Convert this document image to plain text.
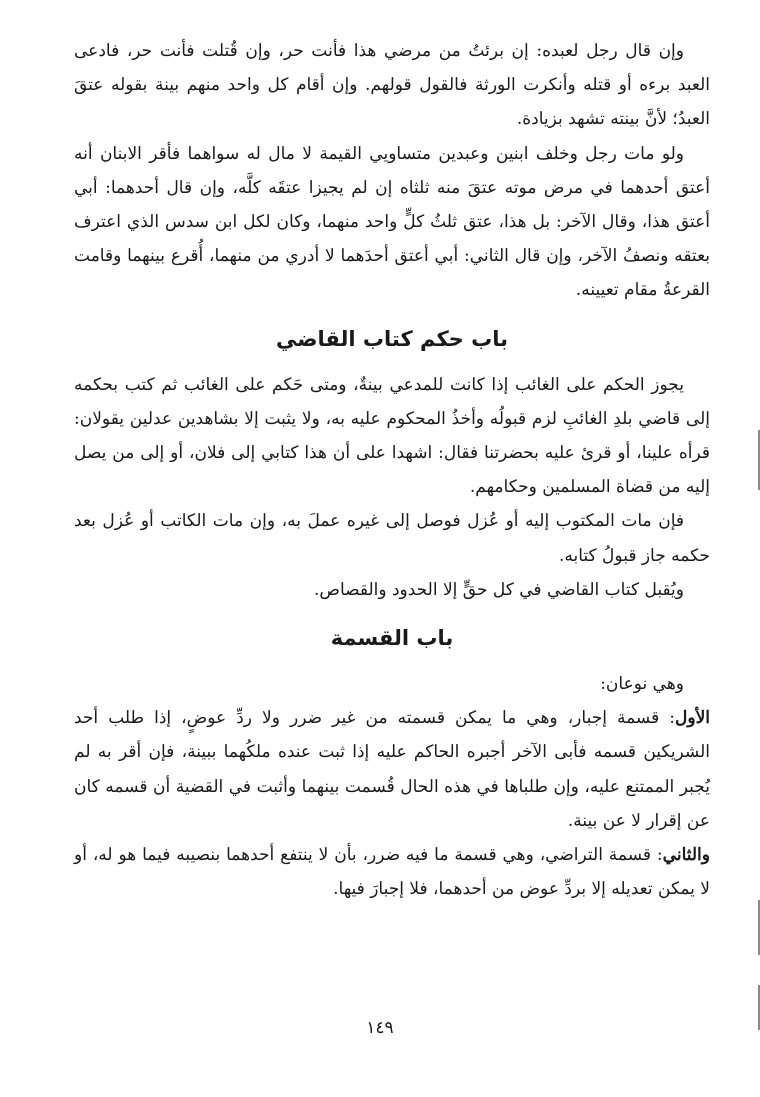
وإن قال رجل لعبده: إن برئتُ من مرضي هذا فأنت حر، وإن قُتلت فأنت حر، فادعى العبد برءه أو قتله وأنكرت الورثة فالقول قولهم. وإن أقام كل واحد منهم بينة بقوله عتقَ العبدُ؛ لأنَّ بينته تشهد بزيادة.

ولو مات رجل وخلف ابنين وعبدين متساويي القيمة لا مال له سواهما فأقر الابنان أنه أعتق أحدهما في مرض موته عتقَ منه ثلثاه إن لم يجيزا عتقَه كلَّه، وإن قال أحدهما: أبي أعتق هذا، وقال الآخر: بل هذا، عتق ثلثُ كلٍّ واحد منهما، وكان لكل ابن سدس الذي اعترف بعتقه ونصفُ الآخر، وإن قال الثاني: أبي أعتق أحدَهما لا أدري من منهما، أُقرع بينهما وقامت القرعةُ مقام تعيينه.

باب حكم كتاب القاضي

يجوز الحكم على الغائب إذا كانت للمدعي بينةٌ، ومتى حَكم على الغائب ثم كتب بحكمه إلى قاضي بلدِ الغائبِ لزم قبولُه وأخذُ المحكوم عليه به، ولا يثبت إلا بشاهدين عدلين يقولان: قرأه علينا، أو قرئ عليه بحضرتنا فقال: اشهدا على أن هذا كتابي إلى فلان، أو إلى من يصل إليه من قضاة المسلمين وحكامهم.

فإن مات المكتوب إليه أو عُزل فوصل إلى غيره عملَ به، وإن مات الكاتب أو عُزل بعد حكمه جاز قبولُ كتابه.

ويُقبل كتاب القاضي في كل حقٍّ إلا الحدود والقصاص.

باب القسمة

وهي نوعان:

الأول: قسمة إجبار، وهي ما يمكن قسمته من غير ضرر ولا ردِّ عوضٍ، إذا طلب أحد الشريكين قسمه فأبى الآخر أجبره الحاكم عليه إذا ثبت عنده ملكُهما ببينة، فإن أقر به لم يُجبر الممتنع عليه، وإن طلباها في هذه الحال قُسمت بينهما وأثبت في القضية أن قسمه كان عن إقرار لا عن بينة.

والثاني: قسمة التراضي، وهي قسمة ما فيه ضرر، بأن لا ينتفع أحدهما بنصيبه فيما هو له، أو لا يمكن تعديله إلا بردِّ عوض من أحدهما، فلا إجبارَ فيها.

١٤٩
